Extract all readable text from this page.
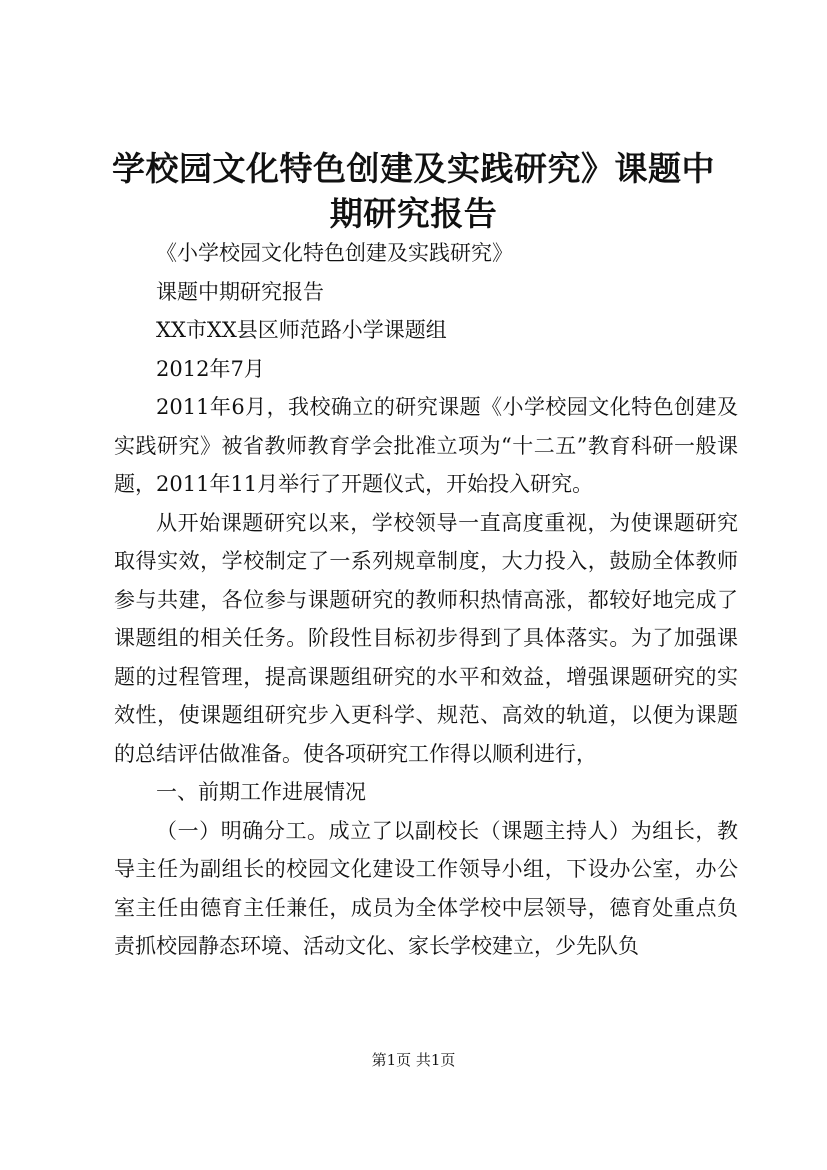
学校园文化特色创建及实践研究》课题中期研究报告

《小学校园文化特色创建及实践研究》

课题中期研究报告

XX市XX县区师范路小学课题组

2012年7月

2011年6月，我校确立的研究课题《小学校园文化特色创建及实践研究》被省教师教育学会批准立项为“十二五”教育科研一般课题，2011年11月举行了开题仪式，开始投入研究。

从开始课题研究以来，学校领导一直高度重视，为使课题研究取得实效，学校制定了一系列规章制度，大力投入，鼓励全体教师参与共建，各位参与课题研究的教师积热情高涨，都较好地完成了课题组的相关任务。阶段性目标初步得到了具体落实。为了加强课题的过程管理，提高课题组研究的水平和效益，增强课题研究的实效性，使课题组研究步入更科学、规范、高效的轨道，以便为课题的总结评估做准备。使各项研究工作得以顺利进行，

一、前期工作进展情况

（一）明确分工。成立了以副校长（课题主持人）为组长，教导主任为副组长的校园文化建设工作领导小组，下设办公室，办公室主任由德育主任兼任，成员为全体学校中层领导，德育处重点负责抓校园静态环境、活动文化、家长学校建立，少先队负

第1页 共1页
